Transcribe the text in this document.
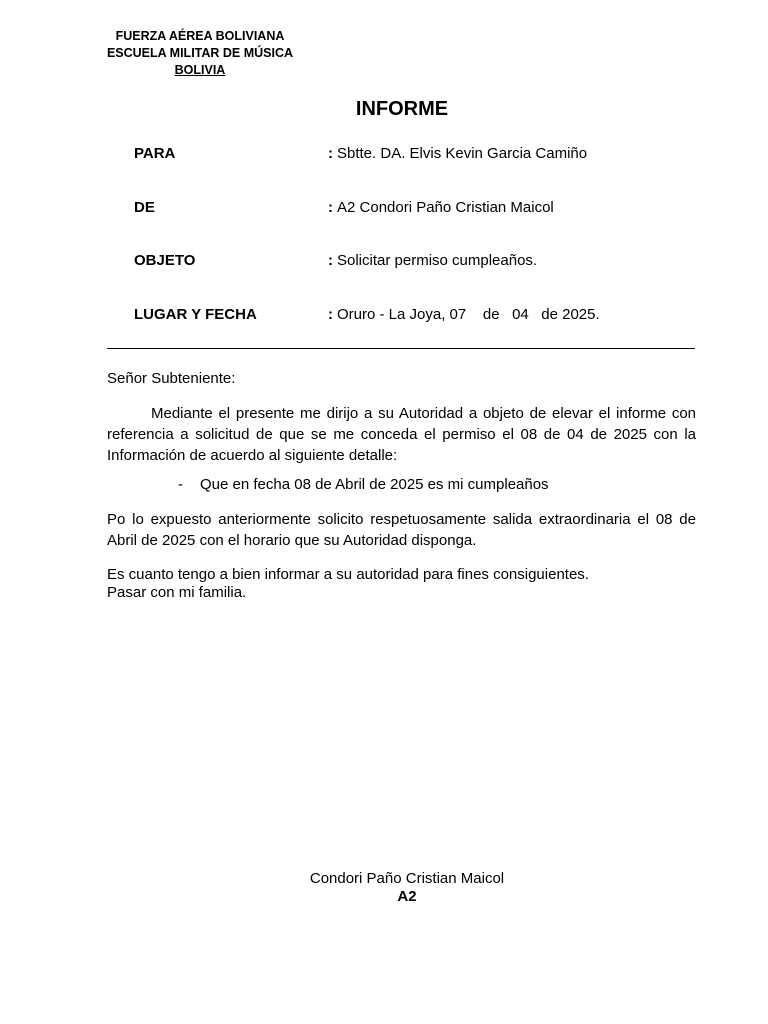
FUERZA AÉREA BOLIVIANA
ESCUELA MILITAR DE MÚSICA
BOLIVIA
INFORME
PARA	: Sbtte. DA. Elvis Kevin Garcia Camiño
DE	: A2 Condori Paño Cristian Maicol
OBJETO	: Solicitar permiso cumpleaños.
LUGAR Y FECHA	: Oruro - La Joya, 07    de   04   de 2025.
Señor Subteniente:
Mediante el presente me dirijo a su Autoridad a objeto de elevar el informe con referencia a solicitud de que se me conceda el permiso el 08 de 04 de 2025 con la Información de acuerdo al siguiente detalle:
- Que en fecha 08 de Abril de 2025 es mi cumpleaños
Po lo expuesto anteriormente solicito respetuosamente salida extraordinaria el 08 de Abril de 2025 con el horario que su Autoridad disponga.
Es cuanto tengo a bien informar a su autoridad para fines consiguientes.
Pasar con mi familia.
Condori Paño Cristian Maicol
A2
